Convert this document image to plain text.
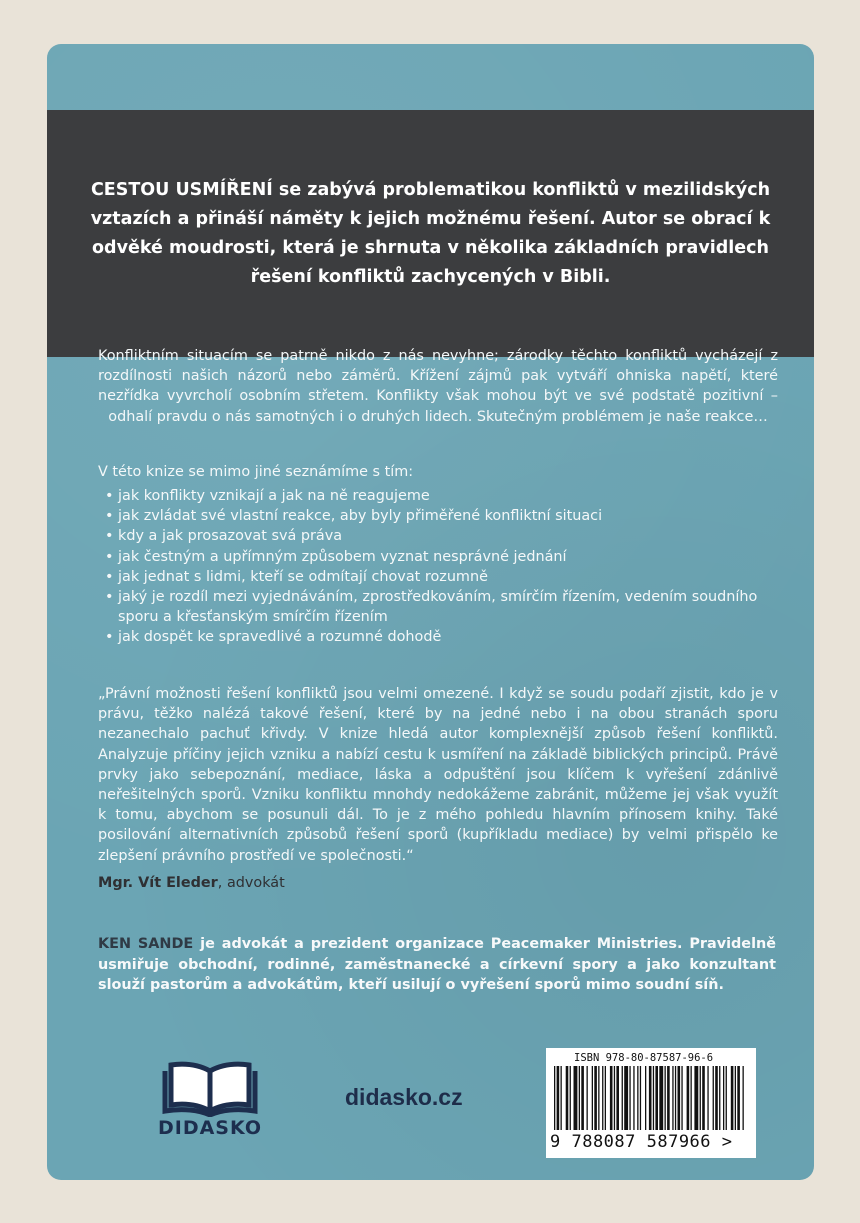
CESTOU USMÍŘENÍ se zabývá problematikou konfliktů v mezilidských vztazích a přináší náměty k jejich možnému řešení. Autor se obrací k odvěké moudrosti, která je shrnuta v několika základních pravidlech řešení konfliktů zachycených v Bibli.

Konfliktním situacím se patrně nikdo z nás nevyhne; zárodky těchto konfliktů vycházejí z rozdílnosti našich názorů nebo záměrů. Křížení zájmů pak vytváří ohniska napětí, které nezřídka vyvrcholí osobním střetem. Konflikty však mohou být ve své podstatě pozitivní – odhalí pravdu o nás samotných i o druhých lidech. Skutečným problémem je naše reakce…
V této knize se mimo jiné seznámíme s tím:
• jak konflikty vznikají a jak na ně reagujeme
• jak zvládat své vlastní reakce, aby byly přiměřené konfliktní situaci
• kdy a jak prosazovat svá práva
• jak čestným a upřímným způsobem vyznat nesprávné jednání
• jak jednat s lidmi, kteří se odmítají chovat rozumně
• jaký je rozdíl mezi vyjednáváním, zprostředkováním, smírčím řízením, vedením soudního sporu a křesťanským smírčím řízením
• jak dospět ke spravedlivé a rozumné dohodě
„Právní možnosti řešení konfliktů jsou velmi omezené. I když se soudu podaří zjistit, kdo je v právu, těžko nalézá takové řešení, které by na jedné nebo i na obou stranách sporu nezanechalo pachuť křivdy. V knize hledá autor komplexnější způsob řešení konfliktů. Analyzuje příčiny jejich vzniku a nabízí cestu k usmíření na základě biblických principů. Právě prvky jako sebepoznání, mediace, láska a odpuštění jsou klíčem k vyřešení zdánlivě neřešitelných sporů. Vzniku konfliktu mnohdy nedokážeme zabránit, můžeme jej však využít k tomu, abychom se posunuli dál. To je z mého pohledu hlavním přínosem knihy. Také posilování alternativních způsobů řešení sporů (kupříkladu mediace) by velmi přispělo ke zlepšení právního prostředí ve společnosti.“
Mgr. Vít Eleder, advokát
KEN SANDE je advokát a prezident organizace Peacemaker Ministries. Pravidelně usmiřuje obchodní, rodinné, zaměstnanecké a církevní spory a jako konzultant slouží pastorům a advokátům, kteří usilují o vyřešení sporů mimo soudní síň.
DIDASKO
didasko.cz
ISBN 978-80-87587-96-6
9 788087 587966 >
